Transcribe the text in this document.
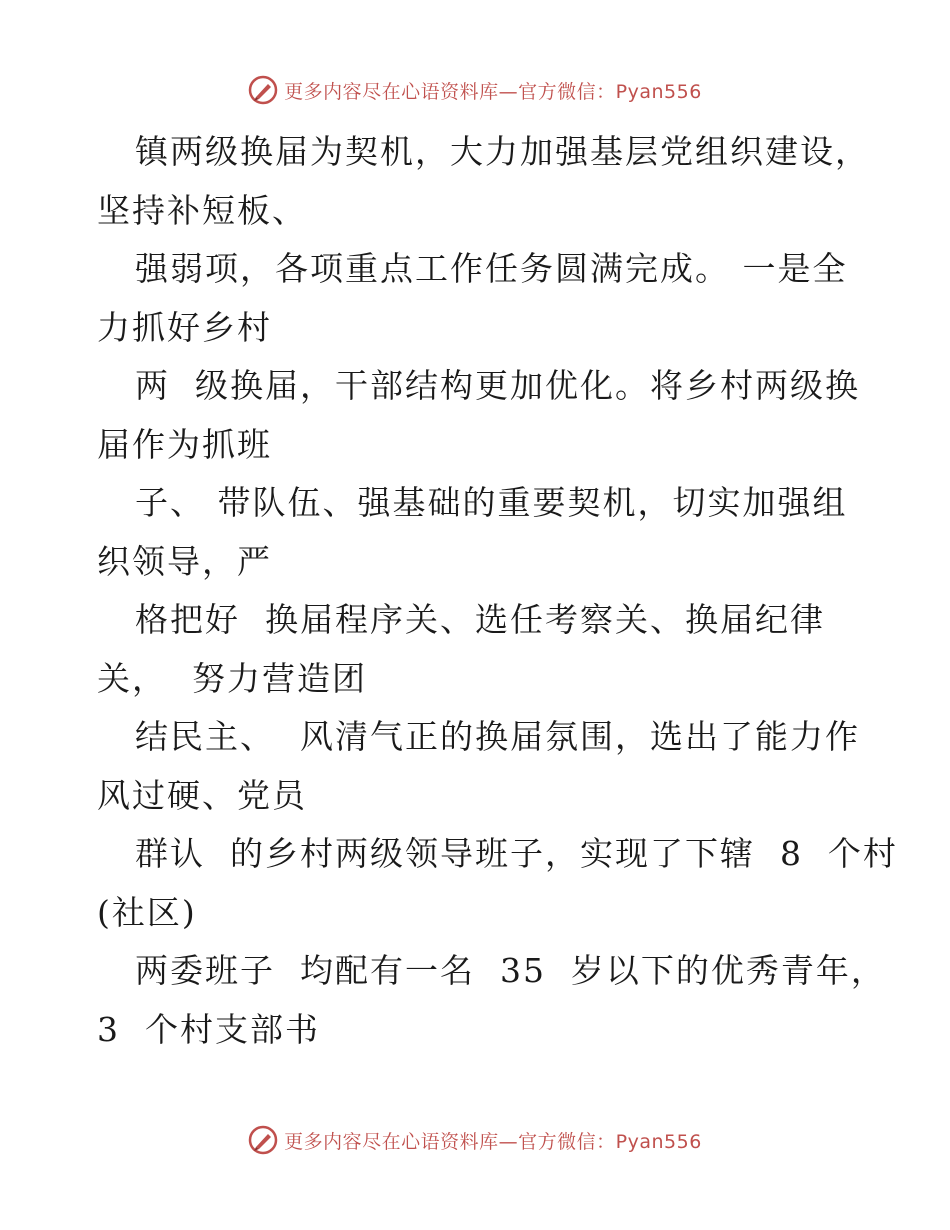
更多内容尽在心语资料库—官方微信：Pyan556
镇两级换届为契机，大力加强基层党组织建设，
坚持补短板、
强弱项，各项重点工作任务圆满完成。 一是全
力抓好乡村
两  级换届，干部结构更加优化。将乡村两级换
届作为抓班
子、 带队伍、强基础的重要契机，切实加强组
织领导，严
格把好  换届程序关、选任考察关、换届纪律
关，  努力营造团
结民主、  风清气正的换届氛围，选出了能力作
风过硬、党员
群认  的乡村两级领导班子，实现了下辖  8  个村
(社区)
两委班子  均配有一名  35  岁以下的优秀青年，
3  个村支部书
更多内容尽在心语资料库—官方微信：Pyan556
